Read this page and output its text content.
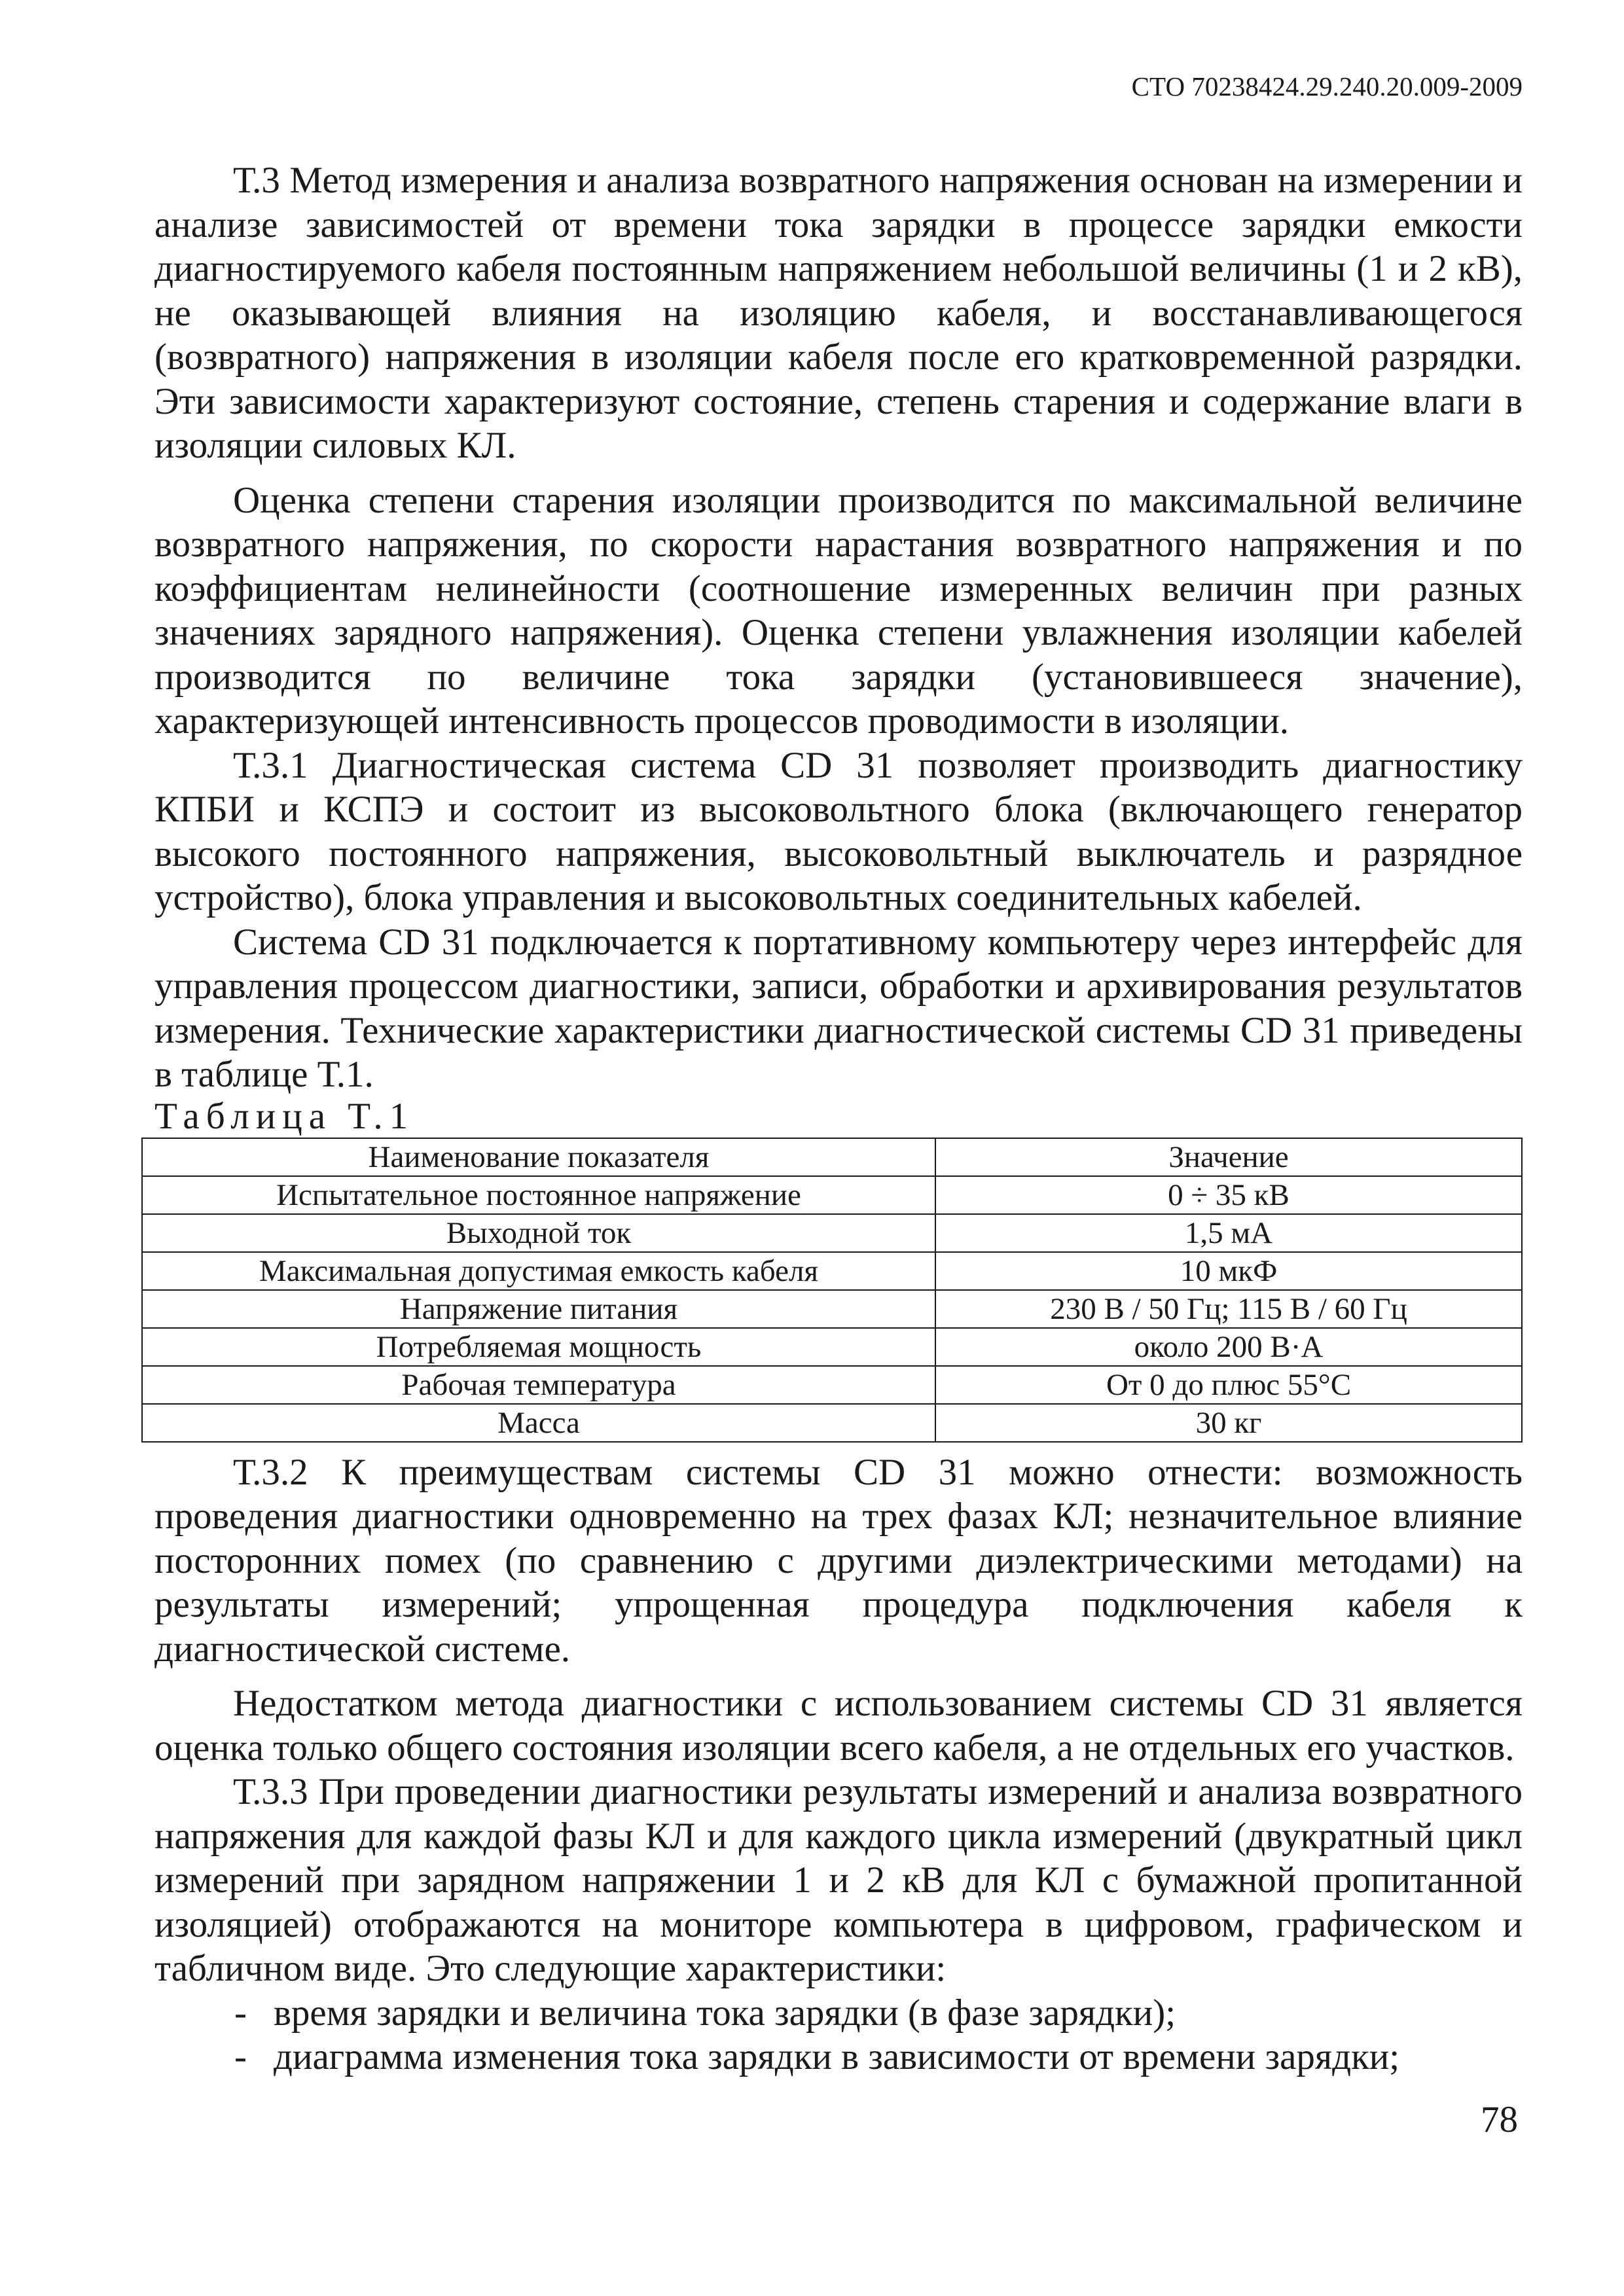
СТО 70238424.29.240.20.009-2009

Т.3 Метод измерения и анализа возвратного напряжения основан на измерении и анализе зависимостей от времени тока зарядки в процессе зарядки емкости диагностируемого кабеля постоянным напряжением небольшой величины (1 и 2 кВ), не оказывающей влияния на изоляцию кабеля, и восстанавливающегося (возвратного) напряжения в изоляции кабеля после его кратковременной разрядки. Эти зависимости характеризуют состояние, степень старения и содержание влаги в изоляции силовых КЛ.

Оценка степени старения изоляции производится по максимальной величине возвратного напряжения, по скорости нарастания возвратного напряжения и по коэффициентам нелинейности (соотношение измеренных величин при разных значениях зарядного напряжения). Оценка степени увлажнения изоляции кабелей производится по величине тока зарядки (установившееся значение), характеризующей интенсивность процессов проводимости в изоляции.

Т.3.1 Диагностическая система CD 31 позволяет производить диагностику КПБИ и КСПЭ и состоит из высоковольтного блока (включающего генератор высокого постоянного напряжения, высоковольтный выключатель и разрядное устройство), блока управления и высоковольтных соединительных кабелей.

Система CD 31 подключается к портативному компьютеру через интерфейс для управления процессом диагностики, записи, обработки и архивирования результатов измерения. Технические характеристики диагностической системы CD 31 приведены в таблице Т.1.

Таблица Т.1
Наименование показателя	Значение
Испытательное постоянное напряжение	0 ÷ 35 кВ
Выходной ток	1,5 мА
Максимальная допустимая емкость кабеля	10 мкФ
Напряжение питания	230 В / 50 Гц; 115 В / 60 Гц
Потребляемая мощность	около 200 В·А
Рабочая температура	От 0 до плюс 55°С
Масса	30 кг

Т.3.2 К преимуществам системы CD 31 можно отнести: возможность проведения диагностики одновременно на трех фазах КЛ; незначительное влияние посторонних помех (по сравнению с другими диэлектрическими методами) на результаты измерений; упрощенная процедура подключения кабеля к диагностической системе.

Недостатком метода диагностики с использованием системы CD 31 является оценка только общего состояния изоляции всего кабеля, а не отдельных его участков.

Т.3.3 При проведении диагностики результаты измерений и анализа возвратного напряжения для каждой фазы КЛ и для каждого цикла измерений (двукратный цикл измерений при зарядном напряжении 1 и 2 кВ для КЛ с бумажной пропитанной изоляцией) отображаются на мониторе компьютера в цифровом, графическом и табличном виде. Это следующие характеристики:

- время зарядки и величина тока зарядки (в фазе зарядки);
- диаграмма изменения тока зарядки в зависимости от времени зарядки;
78
